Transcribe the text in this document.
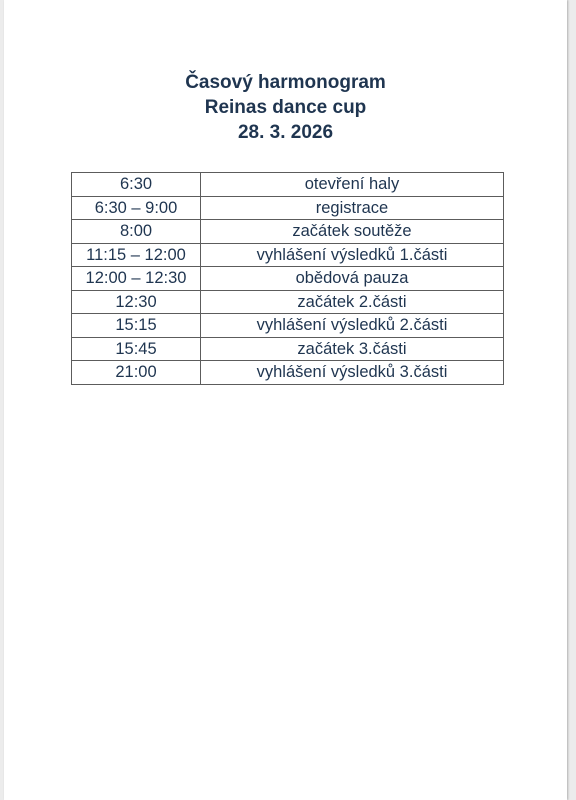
Časový harmonogram
Reinas dance cup
28. 3. 2026
6:30	otevření haly
6:30 – 9:00	registrace
8:00	začátek soutěže
11:15 – 12:00	vyhlášení výsledků 1.části
12:00 – 12:30	obědová pauza
12:30	začátek 2.části
15:15	vyhlášení výsledků 2.části
15:45	začátek 3.části
21:00	vyhlášení výsledků 3.části
